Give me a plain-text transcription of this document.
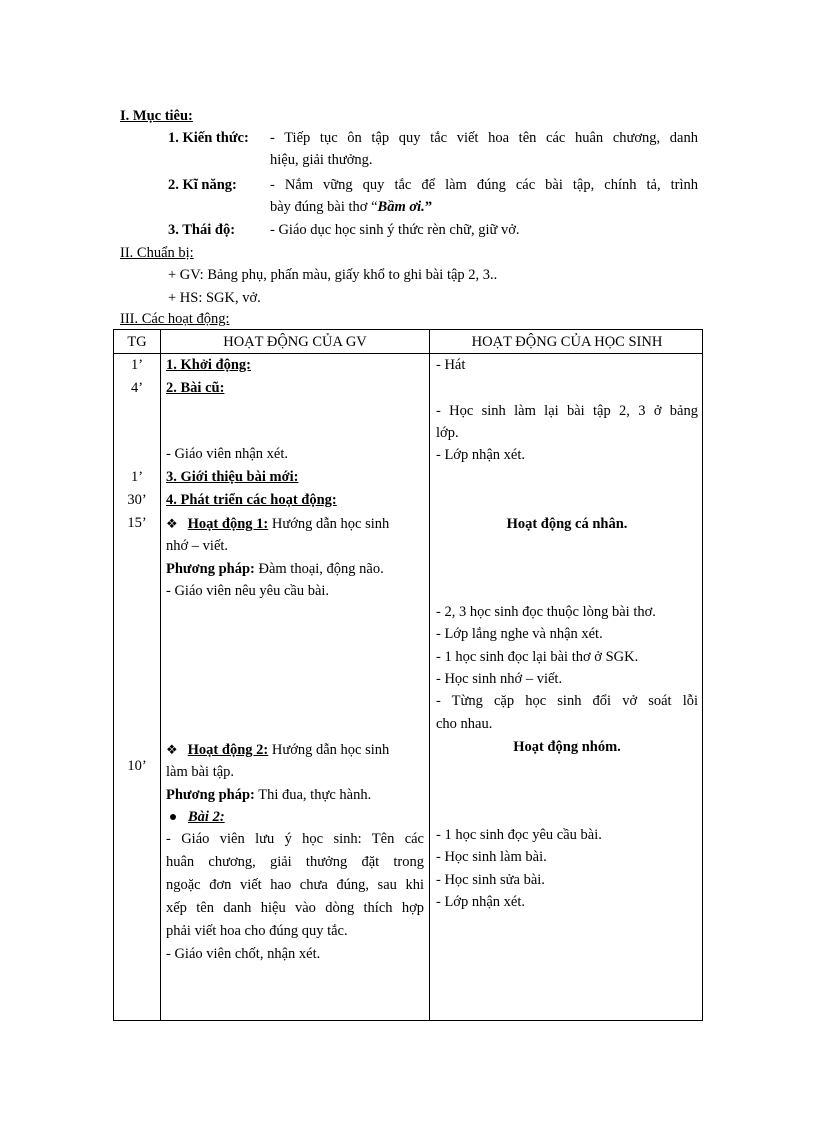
I. Mục tiêu:
1. Kiến thức: - Tiếp tục ôn tập quy tắc viết hoa tên các huân chương, danh
hiệu, giải thưởng.
2. Kĩ năng: - Nắm vững quy tắc để làm đúng các bài tập, chính tả, trình
bày đúng bài thơ “Bầm ơi.”
3. Thái độ: - Giáo dục học sinh ý thức rèn chữ, giữ vở.
II. Chuẩn bị:
+ GV: Bảng phụ, phấn màu, giấy khổ to ghi bài tập 2, 3..
+ HS: SGK, vở.
III. Các hoạt động:
TG	HOẠT ĐỘNG CỦA GV	HOẠT ĐỘNG CỦA HỌC SINH
1’
4’
1’
30’
15’
10’
1. Khởi động:
2. Bài cũ:
- Giáo viên nhận xét.
3. Giới thiệu bài mới:
4. Phát triển các hoạt động:
❖ Hoạt động 1: Hướng dẫn học sinh
nhớ – viết.
Phương pháp: Đàm thoại, động não.
- Giáo viên nêu yêu cầu bài.
❖ Hoạt động 2: Hướng dẫn học sinh
làm bài tập.
Phương pháp: Thi đua, thực hành.
Bài 2:
- Giáo viên lưu ý học sinh: Tên các
huân chương, giải thưởng đặt trong
ngoặc đơn viết hao chưa đúng, sau khi
xếp tên danh hiệu vào dòng thích hợp
phải viết hoa cho đúng quy tắc.
- Giáo viên chốt, nhận xét.
- Hát
- Học sinh làm lại bài tập 2, 3 ở bảng
lớp.
- Lớp nhận xét.
Hoạt động cá nhân.
- 2, 3 học sinh đọc thuộc lòng bài thơ.
- Lớp lắng nghe và nhận xét.
- 1 học sinh đọc lại bài thơ ở SGK.
- Học sinh nhớ – viết.
- Từng cặp học sinh đổi vở soát lỗi
cho nhau.
Hoạt động nhóm.
- 1 học sinh đọc yêu cầu bài.
- Học sinh làm bài.
- Học sinh sửa bài.
- Lớp nhận xét.
